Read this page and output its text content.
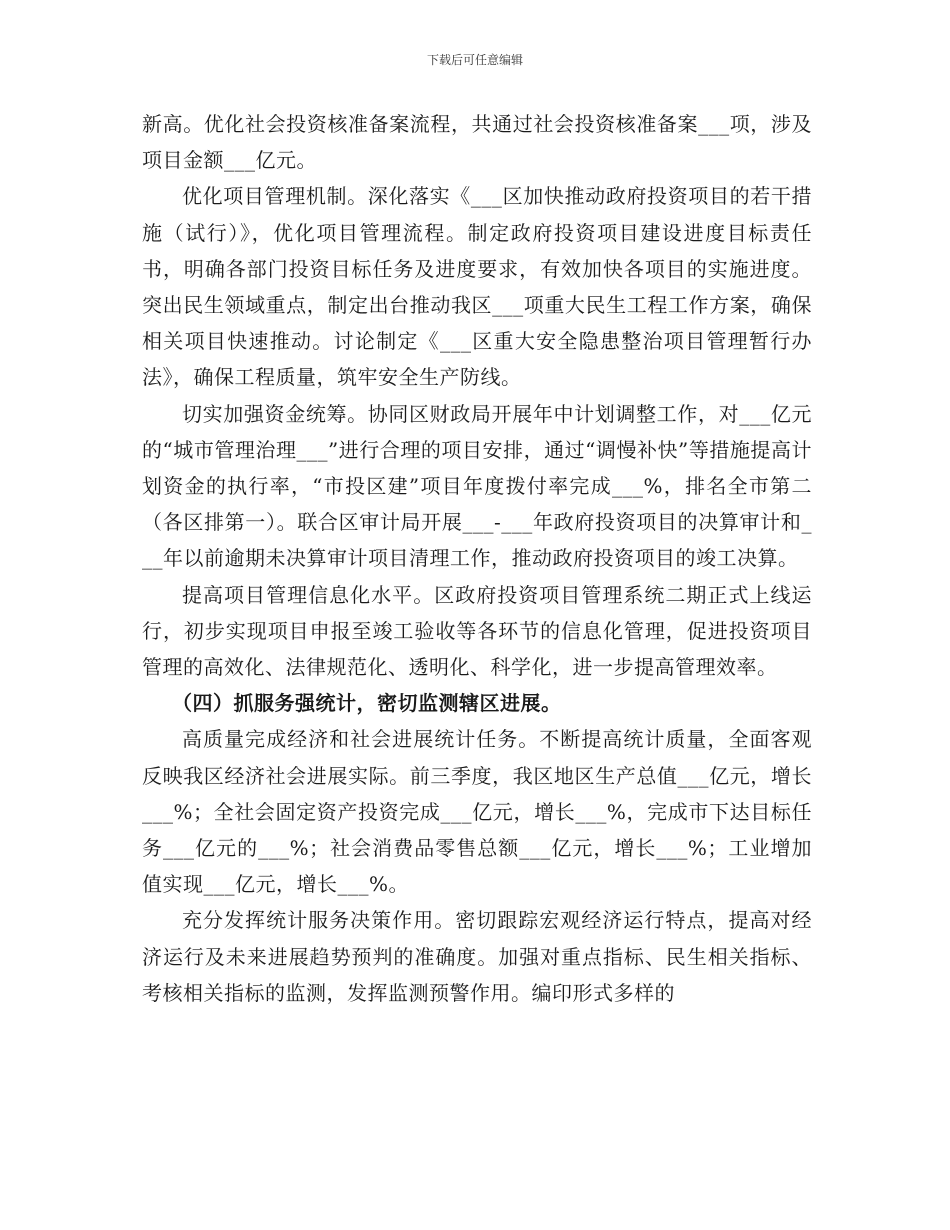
下载后可任意编辑

新高。优化社会投资核准备案流程，共通过社会投资核准备案___项，涉及项目金额___亿元。

优化项目管理机制。深化落实《___区加快推动政府投资项目的若干措施（试行）》，优化项目管理流程。制定政府投资项目建设进度目标责任书，明确各部门投资目标任务及进度要求，有效加快各项目的实施进度。突出民生领域重点，制定出台推动我区___项重大民生工程工作方案，确保相关项目快速推动。讨论制定《___区重大安全隐患整治项目管理暂行办法》，确保工程质量，筑牢安全生产防线。

切实加强资金统筹。协同区财政局开展年中计划调整工作，对___亿元的“城市管理治理___”进行合理的项目安排，通过“调慢补快”等措施提高计划资金的执行率，“市投区建”项目年度拨付率完成___%，排名全市第二（各区排第一）。联合区审计局开展___-___年政府投资项目的决算审计和___年以前逾期未决算审计项目清理工作，推动政府投资项目的竣工决算。

提高项目管理信息化水平。区政府投资项目管理系统二期正式上线运行，初步实现项目申报至竣工验收等各环节的信息化管理，促进投资项目管理的高效化、法律规范化、透明化、科学化，进一步提高管理效率。

（四）抓服务强统计，密切监测辖区进展。

高质量完成经济和社会进展统计任务。不断提高统计质量，全面客观反映我区经济社会进展实际。前三季度，我区地区生产总值___亿元，增长___%；全社会固定资产投资完成___亿元，增长___%，完成市下达目标任务___亿元的___%；社会消费品零售总额___亿元，增长___%；工业增加值实现___亿元，增长___%。

充分发挥统计服务决策作用。密切跟踪宏观经济运行特点，提高对经济运行及未来进展趋势预判的准确度。加强对重点指标、民生相关指标、考核相关指标的监测，发挥监测预警作用。编印形式多样的
